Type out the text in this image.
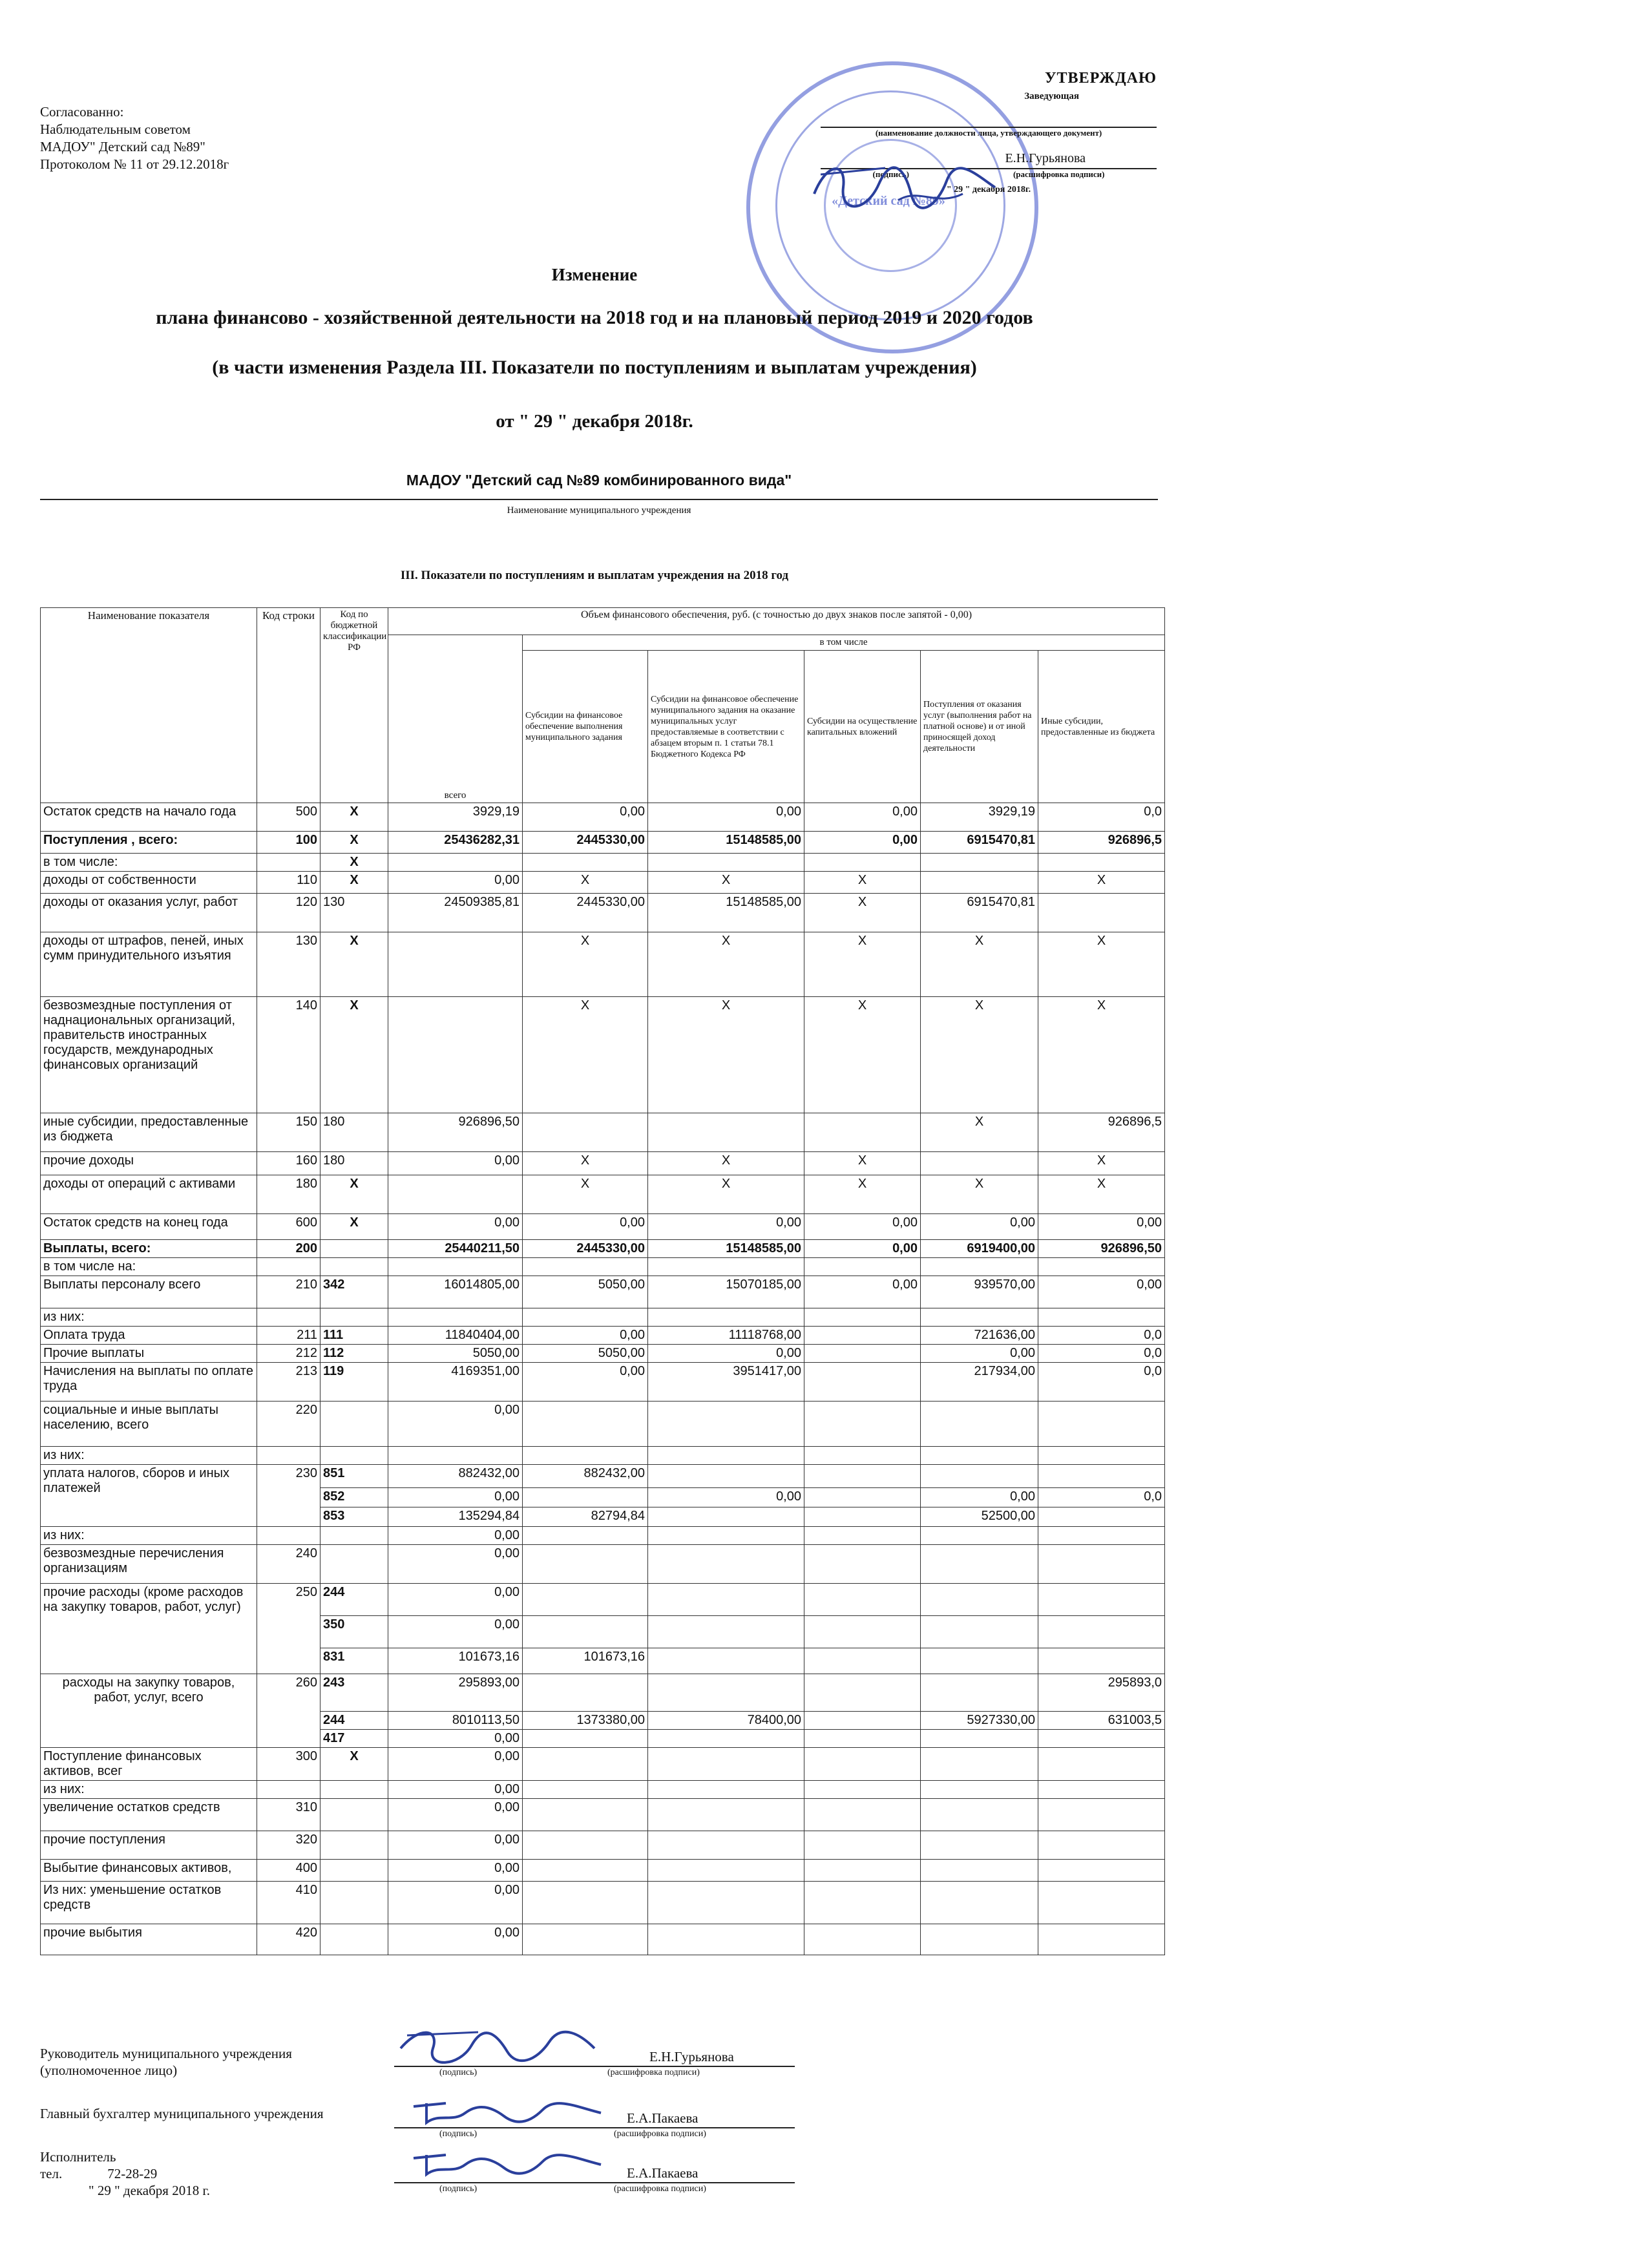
Согласованно:
Наблюдательным советом
МАДОУ" Детский сад №89"
Протоколом № 11 от 29.12.2018г
«Детский сад №89»
УТВЕРЖДАЮ
Заведующая
(наименование должности лица, утверждающего документ)
Е.Н.Гурьянова
(подпись)	(расшифровка подписи)
" 29 " декабря 2018г.
Изменение
плана финансово - хозяйственной деятельности на 2018 год и на плановый период 2019 и 2020 годов
(в части изменения Раздела III. Показатели по поступлениям и выплатам учреждения)
от " 29 " декабря 2018г.
МАДОУ "Детский сад №89 комбинированного вида"
Наименование муниципального учреждения
III. Показатели по поступлениям и выплатам учреждения на 2018 год
Наименование показателя	Код строки	Код по бюджетной классификации РФ	Объем финансового обеспечения, руб. (с точностью до двух знаков после запятой - 0,00)					
			всего	в том числе				
				Субсидии на финансовое обеспечение выполнения муниципального задания	Субсидии на финансовое обеспечение муниципального задания на оказание муниципальных услуг предоставляемые в соответствии с абзацем вторым п. 1 статьи 78.1 Бюджетного Кодекса РФ	Субсидии на осуществление капитальных вложений	Поступления от оказания услуг (выполнения работ на платной основе) и от иной приносящей доход деятельности	Иные субсидии, предоставленные из бюджета
Остаток средств на начало года	500	Х	3929,19	0,00	0,00	0,00	3929,19	0,0
Поступления , всего:	100	Х	25436282,31	2445330,00	15148585,00	0,00	6915470,81	926896,5
в том числе:		Х						
доходы от собственности	110	Х	0,00	Х	Х	Х		Х
доходы от оказания услуг, работ	120	130	24509385,81	2445330,00	15148585,00	Х	6915470,81	
доходы от штрафов, пеней, иных сумм принудительного изъятия	130	Х		Х	Х	Х	Х	Х
безвозмездные поступления от наднациональных организаций, правительств иностранных государств, международных финансовых организаций	140	Х		Х	Х	Х	Х	Х
иные субсидии, предоставленные из бюджета	150	180	926896,50				Х	926896,5
прочие доходы	160	180	0,00	Х	Х	Х		Х
доходы от операций с активами	180	Х		Х	Х	Х	Х	Х
Остаток средств на конец года	600	Х	0,00	0,00	0,00	0,00	0,00	0,00
Выплаты, всего:	200		25440211,50	2445330,00	15148585,00	0,00	6919400,00	926896,50
в том числе на:								
Выплаты персоналу всего	210	342	16014805,00	5050,00	15070185,00	0,00	939570,00	0,00
из них:								
Оплата труда	211	111	11840404,00	0,00	11118768,00		721636,00	0,0
Прочие выплаты	212	112	5050,00	5050,00	0,00		0,00	0,0
Начисления на выплаты по оплате труда	213	119	4169351,00	0,00	3951417,00		217934,00	0,0
социальные и иные выплаты населению, всего	220		0,00					
из них:								
уплата налогов, сборов и иных платежей	230	851	882432,00	882432,00				
		852	0,00		0,00		0,00	0,0
		853	135294,84	82794,84			52500,00	
из них:			0,00					
безвозмездные перечисления организациям	240		0,00					
прочие расходы (кроме расходов на закупку товаров, работ, услуг)	250	244	0,00					
		350	0,00					
		831	101673,16	101673,16				
расходы на закупку товаров, работ, услуг, всего	260	243	295893,00					295893,0
		244	8010113,50	1373380,00	78400,00		5927330,00	631003,5
		417	0,00					
Поступление финансовых активов, всег	300	Х	0,00					
из них:			0,00					
увеличение остатков средств	310		0,00					
прочие поступления	320		0,00					
Выбытие финансовых активов,	400		0,00					
Из них: уменьшение остатков средств	410		0,00					
прочие выбытия	420		0,00					
Руководитель муниципального учреждения
(уполномоченное лицо)
Е.Н.Гурьянова
(подпись)	(расшифровка подписи)
Главный бухгалтер муниципального учреждения	Е.А.Пакаева
(подпись)	(расшифровка подписи)
Исполнитель
тел.	72-28-29
" 29 " декабря 2018 г.
Е.А.Пакаева
(подпись)	(расшифровка подписи)
